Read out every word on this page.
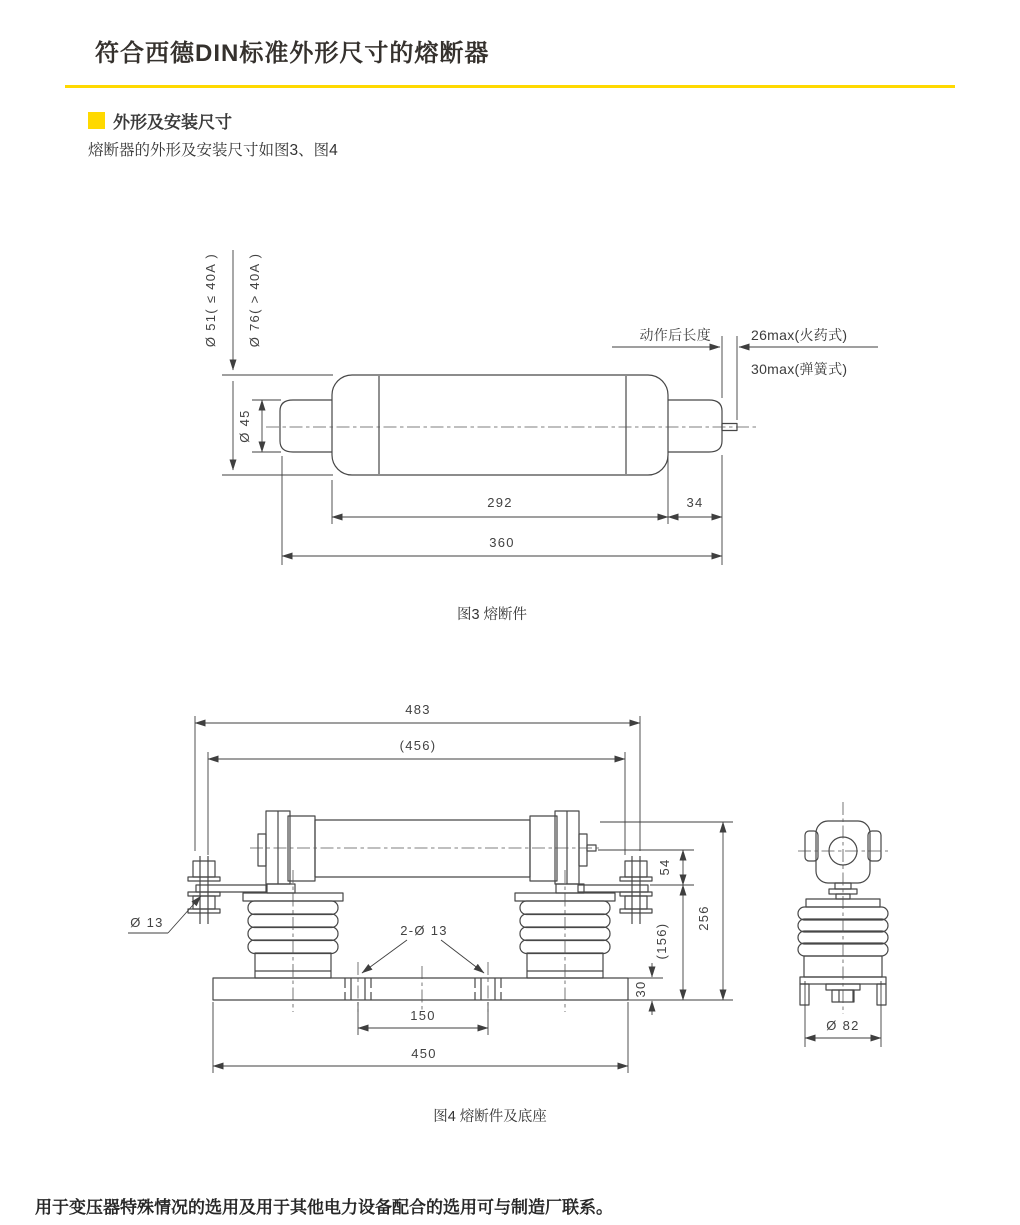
符合西德DIN标准外形尺寸的熔断器
外形及安装尺寸
熔断器的外形及安装尺寸如图3、图4
用于变压器特殊情况的选用及用于其他电力设备配合的选用可与制造厂联系。
Ø 51( ≤ 40A ) Ø 76( > 40A )
Ø 45
动作后长度	26max(火药式)
30max(弹簧式)
292	34
360
图3 熔断件
483
(456)
Ø 13
2-Ø 13
150
450
54
(156)
30
256
Ø 82
图4 熔断件及底座
